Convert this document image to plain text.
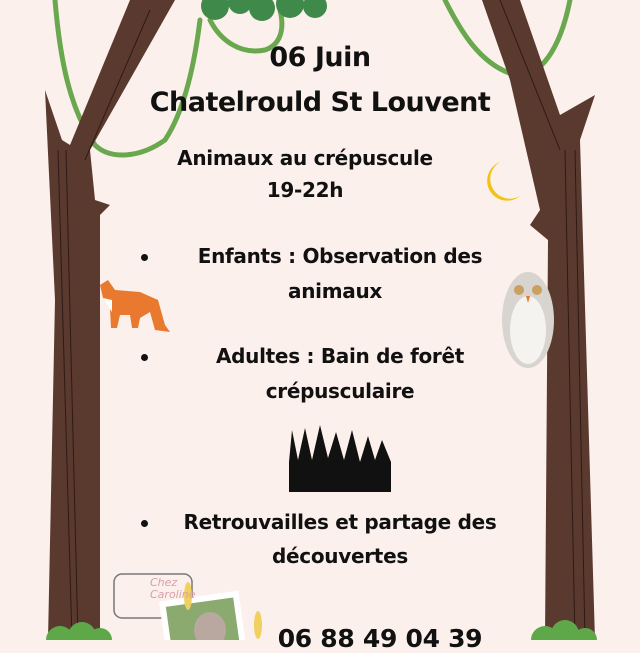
06 Juin
Chatelrould St Louvent
Animaux au crépuscule
19-22h
Enfants : Observation des
animaux
Adultes : Bain de forêt
crépusculaire
Retrouvailles et partage des
découvertes
Chez
Caroline
06 88 49 04 39
